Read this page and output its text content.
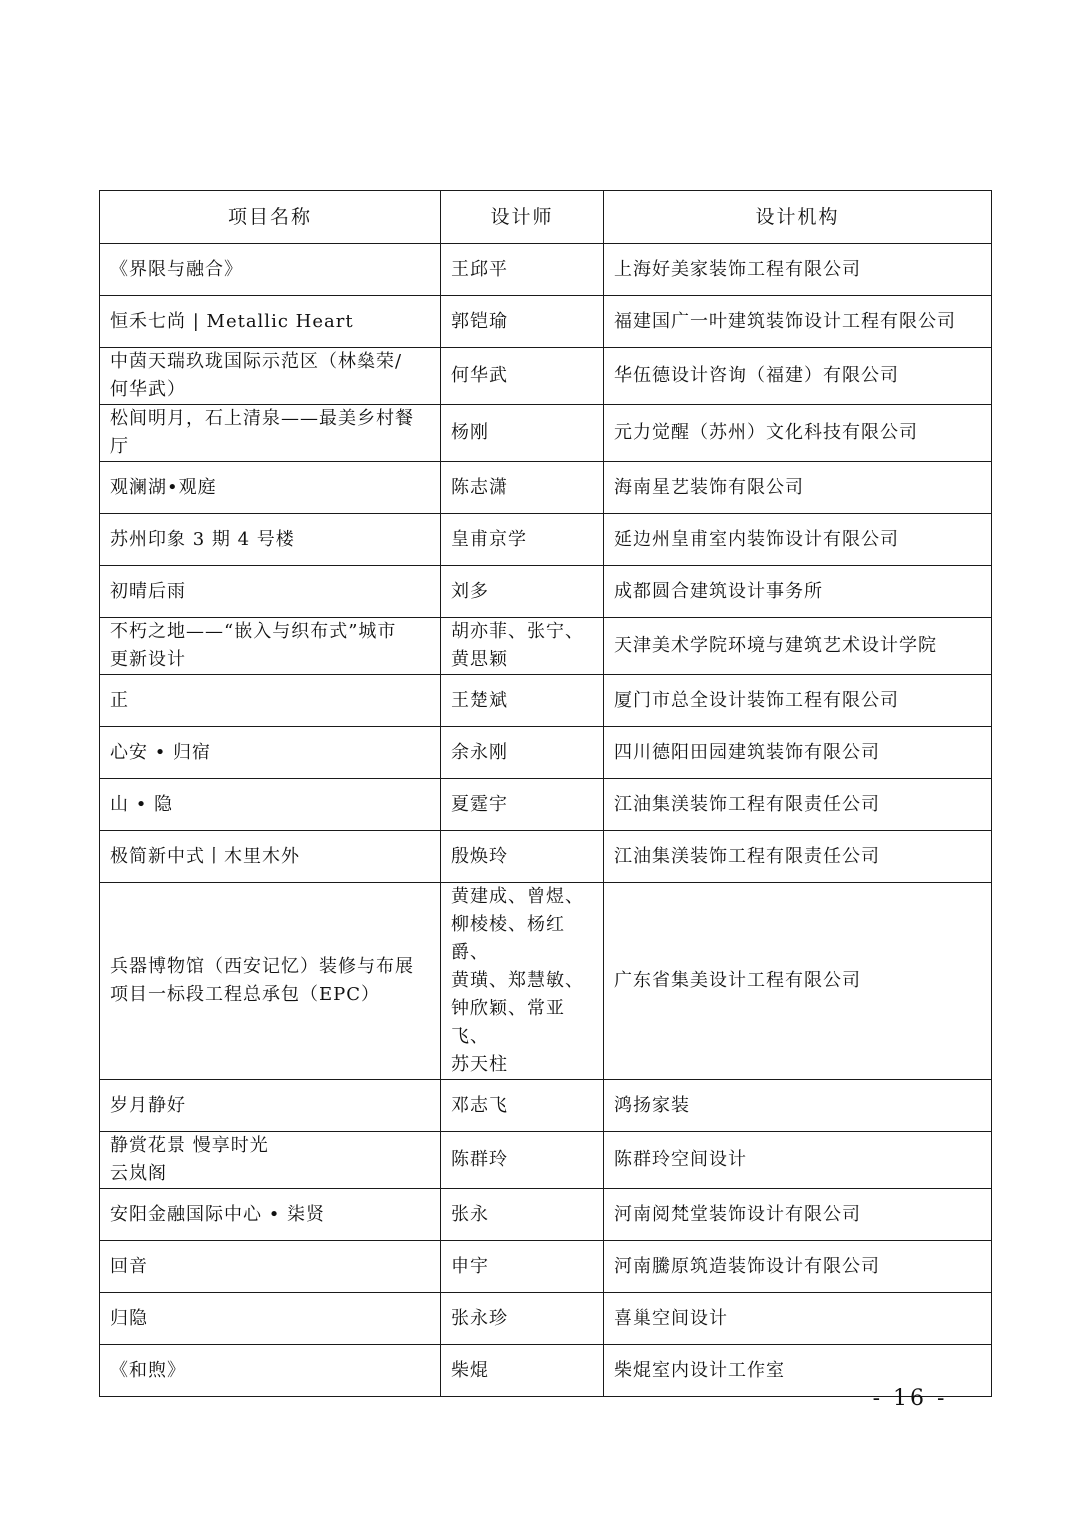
项目名称	设计师	设计机构

《界限与融合》	王邱平	上海好美家装饰工程有限公司

恒禾七尚 | Metallic Heart	郭铠瑜	福建国广一叶建筑装饰设计工程有限公司

中茵天瑞玖珑国际示范区（林燊荣/
何华武）	何华武	华伍德设计咨询（福建）有限公司

松间明月，石上清泉——最美乡村餐
厅	杨刚	元力觉醒（苏州）文化科技有限公司

观澜湖•观庭	陈志潇	海南星艺装饰有限公司

苏州印象 3 期 4 号楼	皇甫京学	延边州皇甫室内装饰设计有限公司

初晴后雨	刘多	成都圆合建筑设计事务所

不朽之地——“嵌入与织布式”城市
更新设计	胡亦菲、张宁、
黄思颖	天津美术学院环境与建筑艺术设计学院

正	王楚斌	厦门市总全设计装饰工程有限公司

心安 • 归宿	余永刚	四川德阳田园建筑装饰有限公司

山 • 隐	夏霆宇	江油集渼装饰工程有限责任公司

极简新中式丨木里木外	殷焕玲	江油集渼装饰工程有限责任公司

兵器博物馆（西安记忆）装修与布展
项目一标段工程总承包（EPC）	黄建成、曾煜、
柳棱棱、杨红爵、
黄璜、郑慧敏、
钟欣颖、常亚飞、
苏天柱	广东省集美设计工程有限公司

岁月静好	邓志飞	鸿扬家装

静赏花景 慢享时光
云岚阁	陈群玲	陈群玲空间设计

安阳金融国际中心 • 柒贤	张永	河南阅梵堂装饰设计有限公司

回音	申宇	河南騰原筑造装饰设计有限公司

归隐	张永珍	喜巢空间设计

《和煦》	柴焜	柴焜室内设计工作室
- 16 -
